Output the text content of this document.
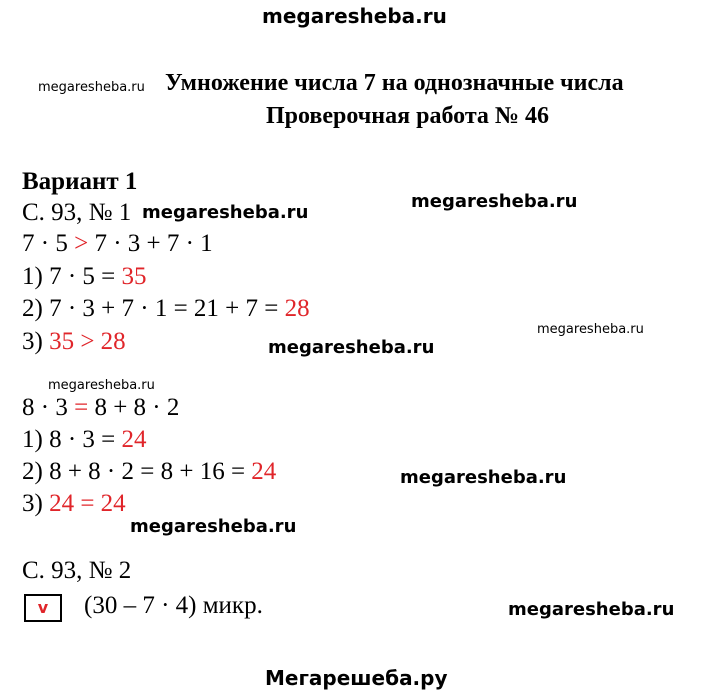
megaresheba.ru
megaresheba.ru
megaresheba.ru
megaresheba.ru
megaresheba.ru
megaresheba.ru
megaresheba.ru
megaresheba.ru
megaresheba.ru
megaresheba.ru
Мегарешеба.ру
Умножение числа 7 на однозначные числа
Проверочная работа № 46
Вариант 1
С. 93, № 1
7 · 5 > 7 · 3 + 7 · 1
1) 7 · 5 = 35
2) 7 · 3 + 7 · 1 = 21 + 7 = 28
3) 35 > 28
8 · 3 = 8 + 8 · 2
1) 8 · 3 = 24
2) 8 + 8 · 2 = 8 + 16 = 24
3) 24 = 24
С. 93, № 2
v	(30 – 7 · 4) микр.
